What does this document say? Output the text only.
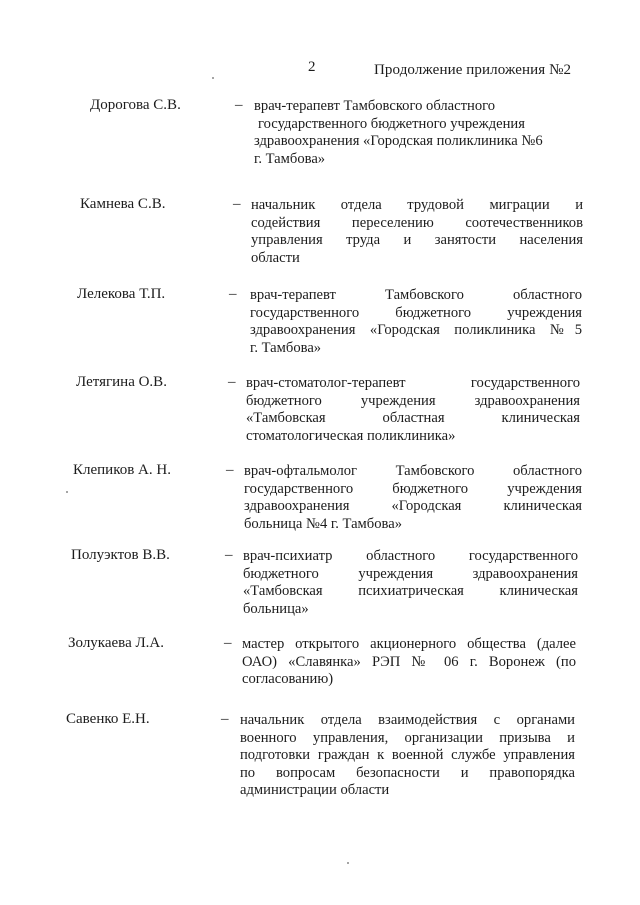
2	Продолжение приложения №2
Дорогова С.В.	– врач-терапевт Тамбовского областного
государственного бюджетного учреждения
здравоохранения «Городская поликлиника №6
г. Тамбова»
Камнева С.В.	– начальник отдела трудовой миграции и
содействия переселению соотечественников
управления труда и занятости населения
области
Лелекова Т.П.	– врач-терапевт Тамбовского областного
государственного бюджетного учреждения
здравоохранения «Городская поликлиника №5
г. Тамбова»
Летягина О.В.	– врач-стоматолог-терапевт государственного
бюджетного учреждения здравоохранения
«Тамбовская областная клиническая
стоматологическая поликлиника»
Клепиков А. Н.	– врач-офтальмолог Тамбовского областного
государственного бюджетного учреждения
здравоохранения «Городская клиническая
больница №4 г. Тамбова»
Полуэктов В.В.	– врач-психиатр областного государственного
бюджетного учреждения здравоохранения
«Тамбовская психиатрическая клиническая
больница»
Золукаева Л.А.	– мастер открытого акционерного общества (далее
ОАО) «Славянка» РЭП № 06 г. Воронеж (по
согласованию)
Савенко Е.Н.	– начальник отдела взаимодействия с органами
военного управления, организации призыва и
подготовки граждан к военной службе управления
по вопросам безопасности и правопорядка
администрации области
